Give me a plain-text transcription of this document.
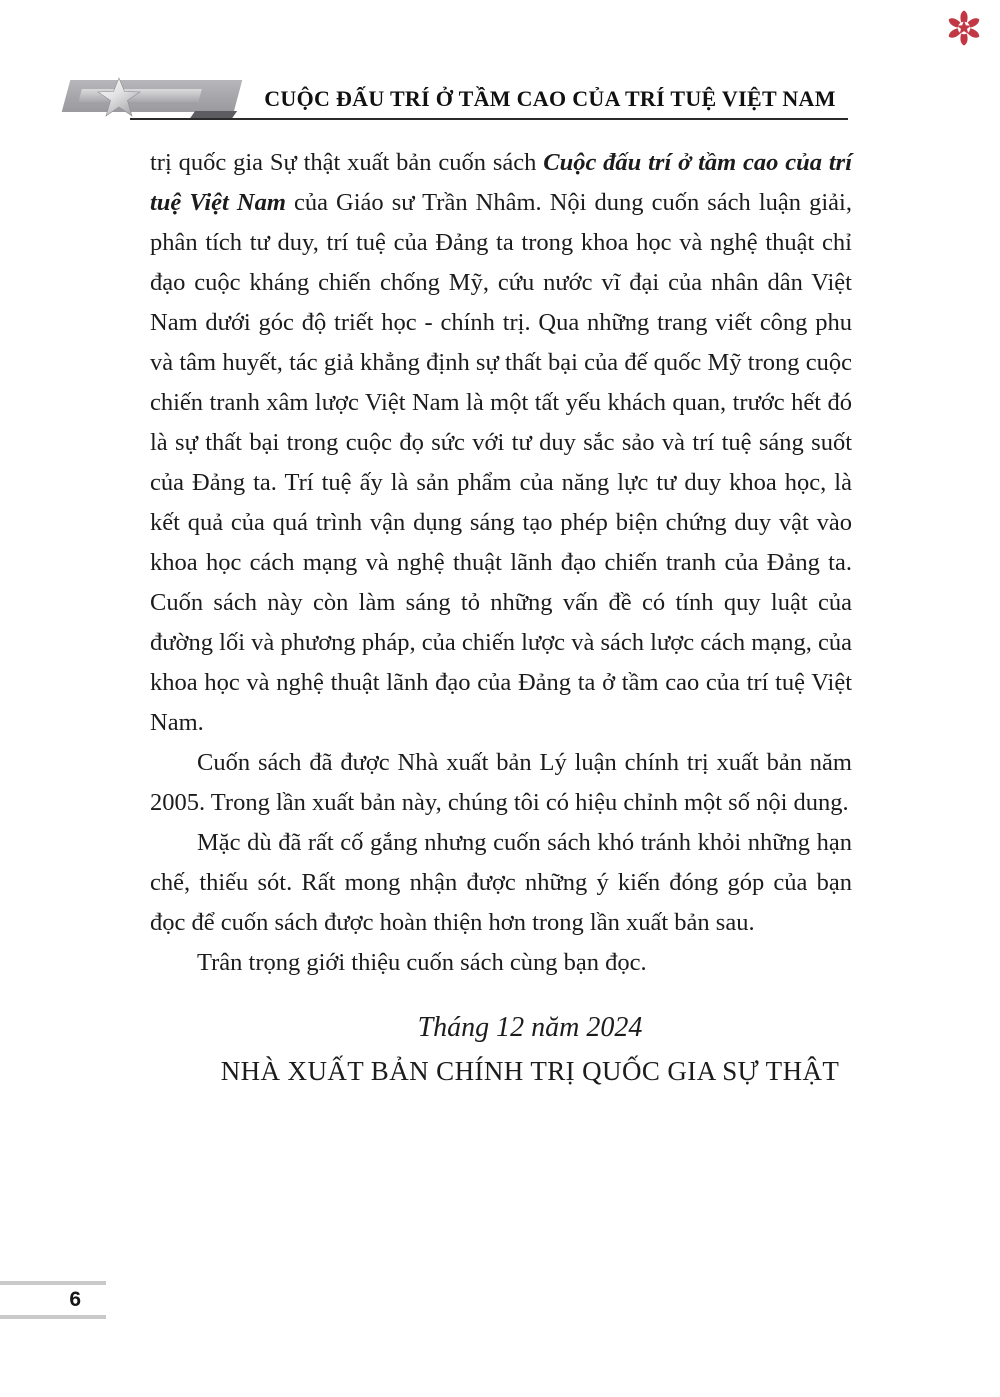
CUỘC ĐẤU TRÍ Ở TẦM CAO CỦA TRÍ TUỆ VIỆT NAM

trị quốc gia Sự thật xuất bản cuốn sách Cuộc đấu trí ở tầm cao của trí tuệ Việt Nam của Giáo sư Trần Nhâm. Nội dung cuốn sách luận giải, phân tích tư duy, trí tuệ của Đảng ta trong khoa học và nghệ thuật chỉ đạo cuộc kháng chiến chống Mỹ, cứu nước vĩ đại của nhân dân Việt Nam dưới góc độ triết học - chính trị. Qua những trang viết công phu và tâm huyết, tác giả khẳng định sự thất bại của đế quốc Mỹ trong cuộc chiến tranh xâm lược Việt Nam là một tất yếu khách quan, trước hết đó là sự thất bại trong cuộc đọ sức với tư duy sắc sảo và trí tuệ sáng suốt của Đảng ta. Trí tuệ ấy là sản phẩm của năng lực tư duy khoa học, là kết quả của quá trình vận dụng sáng tạo phép biện chứng duy vật vào khoa học cách mạng và nghệ thuật lãnh đạo chiến tranh của Đảng ta. Cuốn sách này còn làm sáng tỏ những vấn đề có tính quy luật của đường lối và phương pháp, của chiến lược và sách lược cách mạng, của khoa học và nghệ thuật lãnh đạo của Đảng ta ở tầm cao của trí tuệ Việt Nam.

Cuốn sách đã được Nhà xuất bản Lý luận chính trị xuất bản năm 2005. Trong lần xuất bản này, chúng tôi có hiệu chỉnh một số nội dung.

Mặc dù đã rất cố gắng nhưng cuốn sách khó tránh khỏi những hạn chế, thiếu sót. Rất mong nhận được những ý kiến đóng góp của bạn đọc để cuốn sách được hoàn thiện hơn trong lần xuất bản sau.

Trân trọng giới thiệu cuốn sách cùng bạn đọc.

Tháng 12 năm 2024
NHÀ XUẤT BẢN CHÍNH TRỊ QUỐC GIA SỰ THẬT
6
